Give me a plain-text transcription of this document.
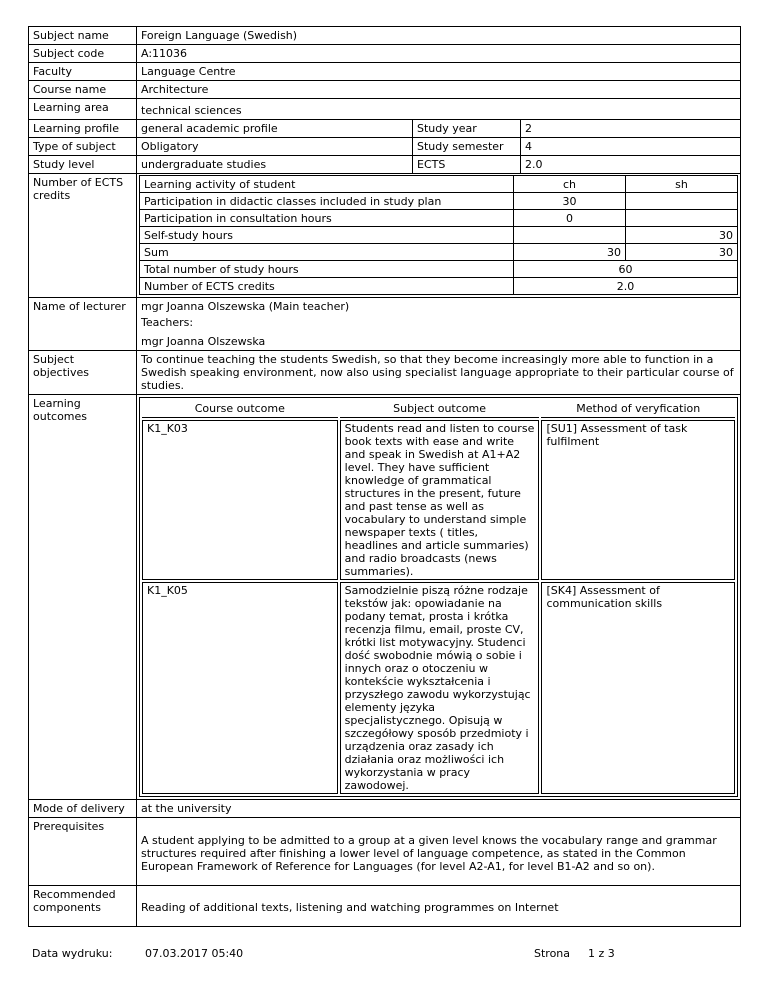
Subject name	Foreign Language (Swedish)
Subject code	A:11036
Faculty	Language Centre
Course name	Architecture
Learning area	technical sciences
Learning profile	general academic profile	Study year	2
Type of subject	Obligatory	Study semester	4
Study level	undergraduate studies	ECTS	2.0
Number of ECTS credits	
Learning activity of student	ch	sh
Participation in didactic classes included in study plan	30	
Participation in consultation hours	0	
Self-study hours		30
Sum	30	30
Total number of study hours	60
Number of ECTS credits	2.0

Name of lecturer	mgr Joanna Olszewska (Main teacher)
Teachers:
mgr Joanna Olszewska

Subject objectives	To continue teaching the students Swedish, so that they become increasingly more able to function in a Swedish speaking environment, now also using specialist language appropriate to their particular course of studies.
Learning outcomes	
Course outcome	Subject outcome	Method of veryfication
K1_K03	Students read and listen to course book texts with ease and write and speak in Swedish at A1+A2 level. They have sufficient knowledge of grammatical structures in the present, future and past tense as well as vocabulary to understand simple newspaper texts ( titles, headlines and article summaries) and radio broadcasts (news summaries).	[SU1] Assessment of task fulfilment
K1_K05	Samodzielnie piszą różne rodzaje tekstów jak: opowiadanie na podany temat, prosta i krótka recenzja filmu, email, proste CV, krótki list motywacyjny. Studenci dość swobodnie mówią o sobie i innych oraz o otoczeniu w kontekście wykształcenia i przyszłego zawodu wykorzystując elementy języka specjalistycznego. Opisują w szczegółowy sposób przedmioty i urządzenia oraz zasady ich działania oraz możliwości ich wykorzystania w pracy zawodowej.	[SK4] Assessment of communication skills

Mode of delivery	at the university
Prerequisites	A student applying to be admitted to a group at a given level knows the vocabulary range and grammar structures required after finishing a lower level of language competence, as stated in the Common European Framework of Reference for Languages (for level A2-A1, for level B1-A2 and so on).
Recommended components	Reading of additional texts, listening and watching programmes on Internet
Data wydruku:	07.03.2017 05:40	Strona 1 z 3
